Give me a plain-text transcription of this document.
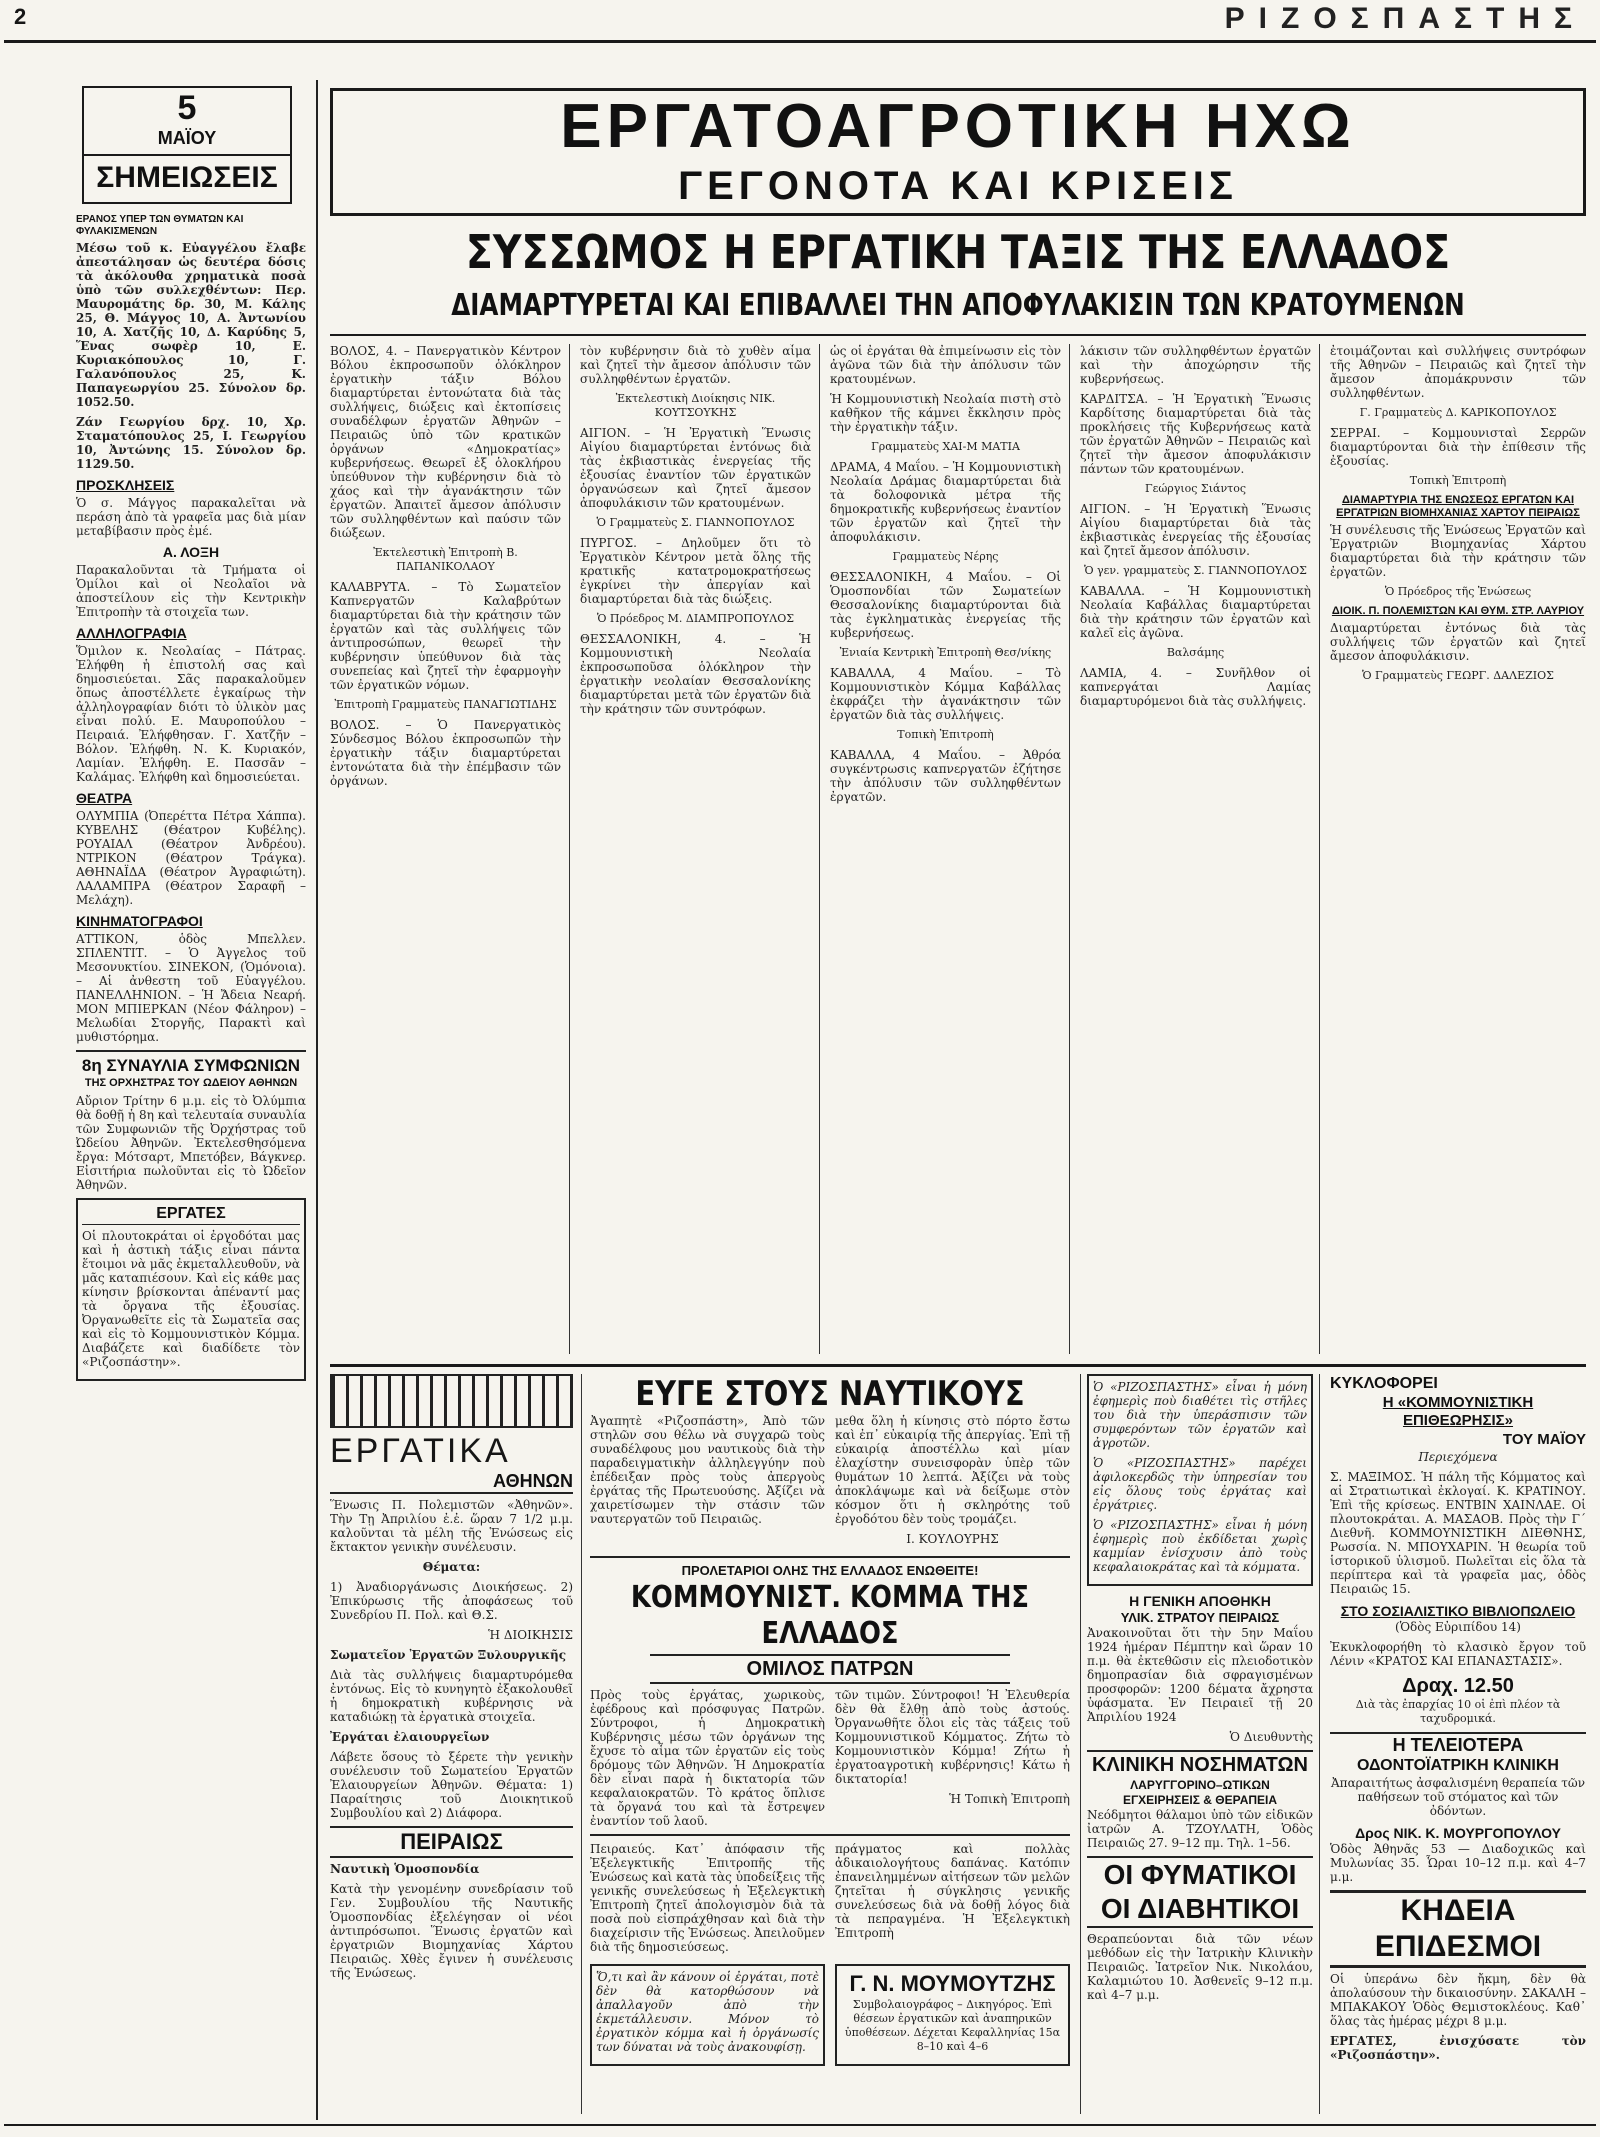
2	ΡΙΖΟΣΠΑΣΤΗΣ
5
ΜΑΪΟΥ
ΣΗΜΕΙΩΣΕΙΣ
ΕΡΓΑΤΟΑΓΡΟΤΙΚΗ ΗΧΩ
ΓΕΓΟΝΟΤΑ ΚΑΙ ΚΡΙΣΕΙΣ
ΣΥΣΣΩΜΟΣ Η ΕΡΓΑΤΙΚΗ ΤΑΞΙΣ ΤΗΣ ΕΛΛΑΔΟΣ
ΔΙΑΜΑΡΤΥΡΕΤΑΙ ΚΑΙ ΕΠΙΒΑΛΛΕΙ ΤΗΝ ΑΠΟΦΥΛΑΚΙΣΙΝ ΤΩΝ ΚΡΑΤΟΥΜΕΝΩΝ
ΕΡΑΝΟΣ ΥΠΕΡ ΤΩΝ ΘΥΜΑΤΩΝ ΚΑΙ ΦΥΛΑΚΙΣΜΕΝΩΝ

Μέσω τοῦ κ. Εὐαγγέλου ἔλαβε ἀπεστάλησαν ὡς δευτέρα δόσις τὰ ἀκόλουθα χρηματικὰ ποσὰ ὑπὸ τῶν συλλεχθέντων: Περ. Μαυρομάτης δρ. 30, Μ. Κάλης 25, Θ. Μάγγος 10, Α. Ἀντωνίου 10, Α. Χατζῆς 10, Δ. Καρύδης 5, Ἕνας σωφὲρ 10, Ε. Κυριακόπουλος 10, Γ. Γαλανόπουλος 25, Κ. Παπαγεωργίου 25. Σύνολον δρ. 1052.50.

Ζάν Γεωργίου δρχ. 10, Χρ. Σταματόπουλος 25, Ι. Γεωργίου 10, Ἀντώνης 15. Σύνολον δρ. 1129.50.

ΠΡΟΣΚΛΗΣΕΙΣ

Ὁ σ. Μάγγος παρακαλεῖται νὰ περάση ἀπὸ τὰ γραφεῖα μας διὰ μίαν μεταβίβασιν πρὸς ἐμέ.

Α. ΛΟΞΗ

Παρακαλοῦνται τὰ Τμήματα οἱ Ὁμίλοι καὶ οἱ Νεολαῖοι νὰ ἀποστείλουν εἰς τὴν Κεντρικὴν Ἐπιτροπὴν τὰ στοιχεῖα των.

ΑΛΛΗΛΟΓΡΑΦΙΑ

Ὅμιλον κ. Νεολαίας – Πάτρας. Ἐλήφθη ἡ ἐπιστολή σας καὶ δημοσιεύεται. Σᾶς παρακαλοῦμεν ὅπως ἀποστέλλετε ἐγκαίρως τὴν ἀλληλογραφίαν διότι τὸ ὑλικὸν μας εἶναι πολύ. Ε. Μαυροπούλου – Πειραιά. Ἐλήφθησαν. Γ. Χατζῆν – Βόλον. Ἐλήφθη. Ν. Κ. Κυριακόν, Λαμίαν. Ἐλήφθη. Ε. Πασσᾶν – Καλάμας. Ἐλήφθη καὶ δημοσιεύεται.

ΘΕΑΤΡΑ

ΟΛΥΜΠΙΑ (Ὀπερέττα Πέτρα Χάππα). ΚΥΒΕΛΗΣ (Θέατρον Κυβέλης). ΡΟΥΑΙΑΛ (Θέατρον Ἀνδρέου). ΝΤΡΙΚΟΝ (Θέατρον Τράγκα). ΑΘΗΝΑΪΔΑ (Θέατρον Ἀγραφιώτη). ΛΑΛΑΜΠΡΑ (Θέατρον Σαραφῆ – Μελάχη).

ΚΙΝΗΜΑΤΟΓΡΑΦΟΙ

ΑΤΤΙΚΟΝ, ὁδὸς Μπελλεν. ΣΠΛΕΝΤΙΤ. – Ὁ Ἀγγελος τοῦ Μεσονυκτίου. ΣΙΝΕΚΟΝ, (Ὁμόνοια). – Αἱ ἀνθεστη τοῦ Εὐαγγέλου. ΠΑΝΕΛΛΗΝΙΟΝ. – Ἡ Ἄδεια Νεαρή. ΜΟΝ ΜΠΙΕΡΚΑΝ (Νέον Φάληρον) – Μελωδίαι Στοργῆς, Παρακτὶ καὶ μυθιστόρημα.

8η ΣΥΝΑΥΛΙΑ ΣΥΜΦΩΝΙΩΝ
ΤΗΣ ΟΡΧΗΣΤΡΑΣ ΤΟΥ ΩΔΕΙΟΥ ΑΘΗΝΩΝ

Αὔριον Τρίτην 6 μ.μ. εἰς τὸ Ὀλύμπια θὰ δοθῇ ἡ 8η καὶ τελευταία συναυλία τῶν Συμφωνιῶν τῆς Ὀρχήστρας τοῦ Ὠδείου Ἀθηνῶν. Ἐκτελεσθησόμενα ἔργα: Μότσαρτ, Μπετόβεν, Βάγκνερ. Εἰσιτήρια πωλοῦνται εἰς τὸ Ὠδεῖον Ἀθηνῶν.

ΕΡΓΑΤΕΣ

Οἱ πλουτοκράται οἱ ἐργοδόται μας καὶ ἡ ἀστικὴ τάξις εἶναι πάντα ἕτοιμοι νὰ μᾶς ἐκμεταλλευθοῦν, νὰ μᾶς καταπιέσουν. Καὶ εἰς κάθε μας κίνησιν βρίσκονται ἀπέναντί μας τὰ ὄργανα τῆς ἐξουσίας. Ὀργανωθεῖτε εἰς τὰ Σωματεῖα σας καὶ εἰς τὸ Κομμουνιστικὸν Κόμμα. Διαβάζετε καὶ διαδίδετε τὸν «Ριζοσπάστην».

ΒΟΛΟΣ, 4. – Πανεργατικὸν Κέντρον Βόλου ἐκπροσωποῦν ὁλόκληρον ἐργατικὴν τάξιν Βόλου διαμαρτύρεται ἐντονώτατα διὰ τὰς συλλήψεις, διώξεις καὶ ἐκτοπίσεις συναδέλφων ἐργατῶν Ἀθηνῶν – Πειραιῶς ὑπὸ τῶν κρατικῶν ὀργάνων «Δημοκρατίας» κυβερνήσεως. Θεωρεῖ ἐξ ὁλοκλήρου ὑπεύθυνον τὴν κυβέρνησιν διὰ τὸ χάος καὶ τὴν ἀγανάκτησιν τῶν ἐργατῶν. Ἀπαιτεῖ ἄμεσον ἀπόλυσιν τῶν συλληφθέντων καὶ παύσιν τῶν διώξεων.

Ἐκτελεστικὴ Ἐπιτροπὴ Β. ΠΑΠΑΝΙΚΟΛΑΟΥ

ΚΑΛΑΒΡΥΤΑ. – Τὸ Σωματεῖον Καπνεργατῶν Καλαβρύτων διαμαρτύρεται διὰ τὴν κράτησιν τῶν ἐργατῶν καὶ τὰς συλλήψεις τῶν ἀντιπροσώπων, θεωρεῖ τὴν κυβέρνησιν ὑπεύθυνον διὰ τὰς συνεπείας καὶ ζητεῖ τὴν ἐφαρμογὴν τῶν ἐργατικῶν νόμων.

Ἐπιτροπὴ Γραμματεὺς ΠΑΝΑΓΙΩΤΙΔΗΣ

ΒΟΛΟΣ. – Ὁ Πανεργατικὸς Σύνδεσμος Βόλου ἐκπροσωπῶν τὴν ἐργατικὴν τάξιν διαμαρτύρεται ἐντονώτατα διὰ τὴν ἐπέμβασιν τῶν ὀργάνων.

τὸν κυβέρνησιν διὰ τὸ χυθὲν αἷμα καὶ ζητεῖ τὴν ἄμεσον ἀπόλυσιν τῶν συλληφθέντων ἐργατῶν.

Ἐκτελεστικὴ Διοίκησις ΝΙΚ. ΚΟΥΤΣΟΥΚΗΣ

ΑΙΓΙΟΝ. – Ἡ Ἐργατικὴ Ἕνωσις Αἰγίου διαμαρτύρεται ἐντόνως διὰ τὰς ἐκβιαστικὰς ἐνεργείας τῆς ἐξουσίας ἐναντίον τῶν ἐργατικῶν ὀργανώσεων καὶ ζητεῖ ἄμεσον ἀποφυλάκισιν τῶν κρατουμένων.

Ὁ Γραμματεὺς Σ. ΓΙΑΝΝΟΠΟΥΛΟΣ

ΠΥΡΓΟΣ. – Δηλοῦμεν ὅτι τὸ Ἐργατικὸν Κέντρον μετὰ ὅλης τῆς κρατικῆς κατατρομοκρατήσεως ἐγκρίνει τὴν ἀπεργίαν καὶ διαμαρτύρεται διὰ τὰς διώξεις.

Ὁ Πρόεδρος Μ. ΔΙΑΜΠΡΟΠΟΥΛΟΣ

ΘΕΣΣΑΛΟΝΙΚΗ, 4. – Ἡ Κομμουνιστικὴ Νεολαία ἐκπροσωποῦσα ὁλόκληρον τὴν ἐργατικὴν νεολαίαν Θεσσαλονίκης διαμαρτύρεται μετὰ τῶν ἐργατῶν διὰ τὴν κράτησιν τῶν συντρόφων.

ὡς οἱ ἐργάται θὰ ἐπιμείνωσιν εἰς τὸν ἀγῶνα τῶν διὰ τὴν ἀπόλυσιν τῶν κρατουμένων.

Ἡ Κομμουνιστικὴ Νεολαία πιστὴ στὸ καθῆκον τῆς κάμνει ἔκκλησιν πρὸς τὴν ἐργατικὴν τάξιν.

Γραμματεὺς ΧΑΙ-Μ ΜΑΤΙΑ

ΔΡΑΜΑ, 4 Μαΐου. – Ἡ Κομμουνιστικὴ Νεολαία Δράμας διαμαρτύρεται διὰ τὰ δολοφονικὰ μέτρα τῆς δημοκρατικῆς κυβερνήσεως ἐναντίον τῶν ἐργατῶν καὶ ζητεῖ τὴν ἀποφυλάκισιν.

Γραμματεὺς Νέρης

ΘΕΣΣΑΛΟΝΙΚΗ, 4 Μαΐου. – Οἱ Ὁμοσπονδίαι τῶν Σωματείων Θεσσαλονίκης διαμαρτύρονται διὰ τὰς ἐγκληματικὰς ἐνεργείας τῆς κυβερνήσεως.

Ἐνιαία Κεντρικὴ Ἐπιτροπὴ Θεσ/νίκης

ΚΑΒΑΛΛΑ, 4 Μαΐου. – Τὸ Κομμουνιστικὸν Κόμμα Καβάλλας ἐκφράζει τὴν ἀγανάκτησιν τῶν ἐργατῶν διὰ τὰς συλλήψεις.

Τοπικὴ Ἐπιτροπὴ

ΚΑΒΑΛΛΑ, 4 Μαΐου. – Ἀθρόα συγκέντρωσις καπνεργατῶν ἐζήτησε τὴν ἀπόλυσιν τῶν συλληφθέντων ἐργατῶν.

λάκισιν τῶν συλληφθέντων ἐργατῶν καὶ τὴν ἀποχώρησιν τῆς κυβερνήσεως.

ΚΑΡΔΙΤΣΑ. – Ἡ Ἐργατικὴ Ἕνωσις Καρδίτσης διαμαρτύρεται διὰ τὰς προκλήσεις τῆς Κυβερνήσεως κατὰ τῶν ἐργατῶν Ἀθηνῶν – Πειραιῶς καὶ ζητεῖ τὴν ἄμεσον ἀποφυλάκισιν πάντων τῶν κρατουμένων.

Γεώργιος Σιάντος

ΑΙΓΙΟΝ. – Ἡ Ἐργατικὴ Ἕνωσις Αἰγίου διαμαρτύρεται διὰ τὰς ἐκβιαστικὰς ἐνεργείας τῆς ἐξουσίας καὶ ζητεῖ ἄμεσον ἀπόλυσιν.

Ὁ γεν. γραμματεὺς Σ. ΓΙΑΝΝΟΠΟΥΛΟΣ

ΚΑΒΑΛΛΑ. – Ἡ Κομμουνιστικὴ Νεολαία Καβάλλας διαμαρτύρεται διὰ τὴν κράτησιν τῶν ἐργατῶν καὶ καλεῖ εἰς ἀγῶνα.

Βαλσάμης

ΛΑΜΙΑ, 4. – Συνῆλθον οἱ καπνεργάται Λαμίας διαμαρτυρόμενοι διὰ τὰς συλλήψεις.

ἐτοιμάζονται καὶ συλλήψεις συντρόφων τῆς Ἀθηνῶν – Πειραιῶς καὶ ζητεῖ τὴν ἄμεσον ἀπομάκρυνσιν τῶν συλληφθέντων.

Γ. Γραμματεὺς Δ. ΚΑΡΙΚΟΠΟΥΛΟΣ

ΣΕΡΡΑΙ. – Κομμουνισταὶ Σερρῶν διαμαρτύρονται διὰ τὴν ἐπίθεσιν τῆς ἐξουσίας.

Τοπικὴ Ἐπιτροπὴ

ΔΙΑΜΑΡΤΥΡΙΑ ΤΗΣ ΕΝΩΣΕΩΣ ΕΡΓΑΤΩΝ ΚΑΙ ΕΡΓΑΤΡΙΩΝ ΒΙΟΜΗΧΑΝΙΑΣ ΧΑΡΤΟΥ ΠΕΙΡΑΙΩΣ

Ἡ συνέλευσις τῆς Ἑνώσεως Ἐργατῶν καὶ Ἐργατριῶν Βιομηχανίας Χάρτου διαμαρτύρεται διὰ τὴν κράτησιν τῶν ἐργατῶν.

Ὁ Πρόεδρος τῆς Ἑνώσεως

ΔΙΟΙΚ. Π. ΠΟΛΕΜΙΣΤΩΝ ΚΑΙ ΘΥΜ. ΣΤΡ. ΛΑΥΡΙΟΥ

Διαμαρτύρεται ἐντόνως διὰ τὰς συλλήψεις τῶν ἐργατῶν καὶ ζητεῖ ἄμεσον ἀποφυλάκισιν.

Ὁ Γραμματεὺς ΓΕΩΡΓ. ΔΑΛΕΖΙΟΣ

ΕΡΓΑΤΙΚΑ
ΑΘΗΝΩΝ

Ἕνωσις Π. Πολεμιστῶν «Ἀθηνῶν». Τὴν Τῃ Ἀπριλίου ἐ.ἐ. ὥραν 7 1/2 μ.μ. καλοῦνται τὰ μέλη τῆς Ἑνώσεως εἰς ἔκτακτον γενικὴν συνέλευσιν.

Θέματα:

1) Ἀναδιοργάνωσις Διοικήσεως. 2) Ἐπικύρωσις τῆς ἀποφάσεως τοῦ Συνεδρίου Π. Πολ. καὶ Θ.Σ.

Ἡ ΔΙΟΙΚΗΣΙΣ

Σωματεῖον Ἐργατῶν Ξυλουργικῆς

Διὰ τὰς συλλήψεις διαμαρτυρόμεθα ἐντόνως. Εἰς τὸ κυνηγητὸ ἐξακολουθεῖ ἡ δημοκρατικὴ κυβέρνησις νὰ καταδιώκῃ τὰ ἐργατικὰ στοιχεῖα.

Ἐργάται ἐλαιουργεῖων

Λάβετε ὅσους τὸ ξέρετε τὴν γενικὴν συνέλευσιν τοῦ Σωματείου Ἐργατῶν Ἐλαιουργείων Ἀθηνῶν. Θέματα: 1) Παραίτησις τοῦ Διοικητικοῦ Συμβουλίου καὶ 2) Διάφορα.

ΠΕΙΡΑΙΩΣ

Ναυτικὴ Ὁμοσπονδία

Κατὰ τὴν γενομένην συνεδρίασιν τοῦ Γεν. Συμβουλίου τῆς Ναυτικῆς Ὁμοσπονδίας ἐξελέγησαν οἱ νέοι ἀντιπρόσωποι. Ἕνωσις ἐργατῶν καὶ ἐργατριῶν Βιομηχανίας Χάρτου Πειραιῶς. Χθὲς ἔγινεν ἡ συνέλευσις τῆς Ἑνώσεως.

ΕΥΓΕ ΣΤΟΥΣ ΝΑΥΤΙΚΟΥΣ

Ἀγαπητὲ «Ριζοσπάστη», Ἀπὸ τῶν στηλῶν σου θέλω νὰ συγχαρῶ τοὺς συναδέλφους μου ναυτικοὺς διὰ τὴν παραδειγματικὴν ἀλληλεγγύην ποὺ ἐπέδειξαν πρὸς τοὺς ἀπεργοὺς ἐργάτας τῆς Πρωτευούσης. Ἀξίζει νὰ χαιρετίσωμεν τὴν στάσιν τῶν ναυτεργατῶν τοῦ Πειραιῶς.

μεθα ὅλη ἡ κίνησις στὸ πόρτο ἔστω καὶ ἐπ᾽ εὐκαιρίᾳ τῆς ἀπεργίας. Ἐπὶ τῇ εὐκαιρίᾳ ἀποστέλλω καὶ μίαν ἐλαχίστην συνεισφορὰν ὑπὲρ τῶν θυμάτων 10 λεπτά. Ἀξίζει νὰ τοὺς ἀποκλάψωμε καὶ νὰ δείξωμε στὸν κόσμον ὅτι ἡ σκληρότης τοῦ ἐργοδότου δὲν τοὺς τρομάζει.

Ι. ΚΟΥΛΟΥΡΗΣ

ΠΡΟΛΕΤΑΡΙΟΙ ΟΛΗΣ ΤΗΣ ΕΛΛΑΔΟΣ ΕΝΩΘΕΙΤΕ!
ΚΟΜΜΟΥΝΙΣΤ. ΚΟΜΜΑ ΤΗΣ ΕΛΛΑΔΟΣ
ΟΜΙΛΟΣ ΠΑΤΡΩΝ

Πρὸς τοὺς ἐργάτας, χωρικοὺς, ἐφέδρους καὶ πρόσφυγας Πατρῶν. Σύντροφοι, ἡ Δημοκρατικὴ Κυβέρνησις μέσω τῶν ὀργάνων της ἔχυσε τὸ αἷμα τῶν ἐργατῶν εἰς τοὺς δρόμους τῶν Ἀθηνῶν. Ἡ Δημοκρατία δὲν εἶναι παρὰ ἡ δικτατορία τῶν κεφαλαιοκρατῶν. Τὸ κράτος ὅπλισε τὰ ὄργανά του καὶ τὰ ἔστρεψεν ἐναντίον τοῦ λαοῦ.

τῶν τιμῶν. Σύντροφοι! Ἡ Ἐλευθερία δὲν θὰ ἔλθῃ ἀπὸ τοὺς ἀστούς. Ὀργανωθῆτε ὅλοι εἰς τὰς τάξεις τοῦ Κομμουνιστικοῦ Κόμματος. Ζήτω τὸ Κομμουνιστικὸν Κόμμα! Ζήτω ἡ ἐργατοαγροτικὴ κυβέρνησις! Κάτω ἡ δικτατορία!

Ἡ Τοπικὴ Ἐπιτροπὴ

Πειραιεύς. Κατ᾽ ἀπόφασιν τῆς Ἐξελεγκτικῆς Ἐπιτροπῆς τῆς Ἑνώσεως καὶ κατὰ τὰς ὑποδείξεις τῆς γενικῆς συνελεύσεως ἡ Ἐξελεγκτικὴ Ἐπιτροπὴ ζητεῖ ἀπολογισμὸν διὰ τὰ ποσὰ ποὺ εἰσπράχθησαν καὶ διὰ τὴν διαχείρισιν τῆς Ἑνώσεως. Ἀπειλοῦμεν διὰ τῆς δημοσιεύσεως.

πράγματος καὶ πολλὰς ἀδικαιολογήτους δαπάνας. Κατόπιν ἐπανειλημμένων αἰτήσεων τῶν μελῶν ζητεῖται ἡ σύγκλησις γενικῆς συνελεύσεως διὰ νὰ δοθῇ λόγος διὰ τὰ πεπραγμένα. Ἡ Ἐξελεγκτικὴ Ἐπιτροπὴ

Ὅ,τι καὶ ἂν κάνουν οἱ ἐργάται, ποτὲ δὲν θὰ κατορθώσουν νὰ ἀπαλλαγοῦν ἀπὸ τὴν ἐκμετάλλευσιν. Μόνον τὸ ἐργατικὸν κόμμα καὶ ἡ ὀργάνωσίς των δύναται νὰ τοὺς ἀνακουφίσῃ.

Γ. Ν. ΜΟΥΜΟΥΤΖΗΣ

Συμβολαιογράφος – Δικηγόρος. Ἐπὶ θέσεων ἐργατικῶν καὶ ἀναπηρικῶν ὑποθέσεων. Δέχεται Κεφαλληνίας 15α 8–10 καὶ 4–6

Ὁ «ΡΙΖΟΣΠΑΣΤΗΣ» εἶναι ἡ μόνη ἐφημερὶς ποὺ διαθέτει τὶς στῆλες του διὰ τὴν ὑπεράσπισιν τῶν συμφερόντων τῶν ἐργατῶν καὶ ἀγροτῶν.

Ὁ «ΡΙΖΟΣΠΑΣΤΗΣ» παρέχει ἀφιλοκερδῶς τὴν ὑπηρεσίαν του εἰς ὅλους τοὺς ἐργάτας καὶ ἐργάτριες.

Ὁ «ΡΙΖΟΣΠΑΣΤΗΣ» εἶναι ἡ μόνη ἐφημερὶς ποὺ ἐκδίδεται χωρὶς καμμίαν ἐνίσχυσιν ἀπὸ τοὺς κεφαλαιοκράτας καὶ τὰ κόμματα.

Η ΓΕΝΙΚΗ ΑΠΟΘΗΚΗ
ΥΛΙΚ. ΣΤΡΑΤΟΥ ΠΕΙΡΑΙΩΣ

Ἀνακοινοῦται ὅτι τὴν 5ην Μαΐου 1924 ἡμέραν Πέμπτην καὶ ὥραν 10 π.μ. θὰ ἐκτεθῶσιν εἰς πλειοδοτικὸν δημοπρασίαν διὰ σφραγισμένων προσφορῶν: 1200 δέματα ἄχρηστα ὑφάσματα. Ἐν Πειραιεῖ τῇ 20 Ἀπριλίου 1924

Ὁ Διευθυντὴς

ΚΛΙΝΙΚΗ ΝΟΣΗΜΑΤΩΝ
ΛΑΡΥΓΓΟΡΙΝΟ–ΩΤΙΚΩΝ
ΕΓΧΕΙΡΗΣΕΙΣ & ΘΕΡΑΠΕΙΑ

Νεόδμητοι θάλαμοι ὑπὸ τῶν εἰδικῶν ἰατρῶν Α. ΤΖΟΥΛΑΤΗ, Ὁδὸς Πειραιῶς 27. 9–12 πμ. Τηλ. 1–56.

ΟΙ ΦΥΜΑΤΙΚΟΙ ΟΙ ΔΙΑΒΗΤΙΚΟΙ

Θεραπεύονται διὰ τῶν νέων μεθόδων εἰς τὴν Ἰατρικὴν Κλινικὴν Πειραιῶς. Ἰατρεῖον Νικ. Νικολάου, Καλαμιώτου 10. Ἀσθενεῖς 9–12 π.μ. καὶ 4–7 μ.μ.

ΚΥΚΛΟΦΟΡΕΙ
Η «ΚΟΜΜΟΥΝΙΣΤΙΚΗ ΕΠΙΘΕΩΡΗΣΙΣ»
ΤΟΥ ΜΑΪΟΥ

Περιεχόμενα

Σ. ΜΑΞΙΜΟΣ. Ἡ πάλη τῆς Κόμματος καὶ αἱ Στρατιωτικαὶ ἐκλογαί. Κ. ΚΡΑΤΙΝΟΥ. Ἐπὶ τῆς κρίσεως. ΕΝΤΒΙΝ ΧΑΙΝΛΑΕ. Οἱ πλουτοκράται. Α. ΜΑΣΑΟΒ. Πρὸς τὴν Γ΄ Διεθνῆ. ΚΟΜΜΟΥΝΙΣΤΙΚΗ ΔΙΕΘΝΗΣ, Ρωσσία. Ν. ΜΠΟΥΧΑΡΙΝ. Ἡ θεωρία τοῦ ἱστορικοῦ ὑλισμοῦ. Πωλεῖται εἰς ὅλα τὰ περίπτερα καὶ τὰ γραφεῖα μας, ὁδὸς Πειραιῶς 15.

ΣΤΟ ΣΟΣΙΑΛΙΣΤΙΚΟ ΒΙΒΛΙΟΠΩΛΕΙΟ

(Ὁδὸς Εὐριπίδου 14)

Ἐκυκλοφορήθη τὸ κλασικὸ ἔργον τοῦ Λένιν «ΚΡΑΤΟΣ ΚΑΙ ΕΠΑΝΑΣΤΑΣΙΣ».

Δραχ. 12.50

Διὰ τὰς ἐπαρχίας 10 οἱ ἐπὶ πλέον τὰ ταχυδρομικά.

Η ΤΕΛΕΙΟΤΕΡΑ
ΟΔΟΝΤΟΪΑΤΡΙΚΗ ΚΛΙΝΙΚΗ

Ἀπαραιτήτως ἀσφαλισμένη θεραπεία τῶν παθήσεων τοῦ στόματος καὶ τῶν ὀδόντων.

Δρος ΝΙΚ. Κ. ΜΟΥΡΓΟΠΟΥΛΟΥ

Ὁδὸς Ἀθηνᾶς 53 — Διαδοχικῶς καὶ Μυλωνίας 35. Ὧραι 10–12 π.μ. καὶ 4–7 μ.μ.

ΚΗΔΕΙΑ ΕΠΙΔΕΣΜΟΙ

Οἱ ὑπεράνω δὲν ἤκμη, δὲν θὰ ἀπολαύσουν τὴν δικαιοσύνην. ΣΑΚΑΛΗ – ΜΠΑΚΑΚΟΥ Ὁδὸς Θεμιστοκλέους. Καθ᾽ ὅλας τὰς ἡμέρας μέχρι 8 μ.μ.

ΕΡΓΑΤΕΣ, ἐνισχύσατε τὸν «Ριζοσπάστην».
